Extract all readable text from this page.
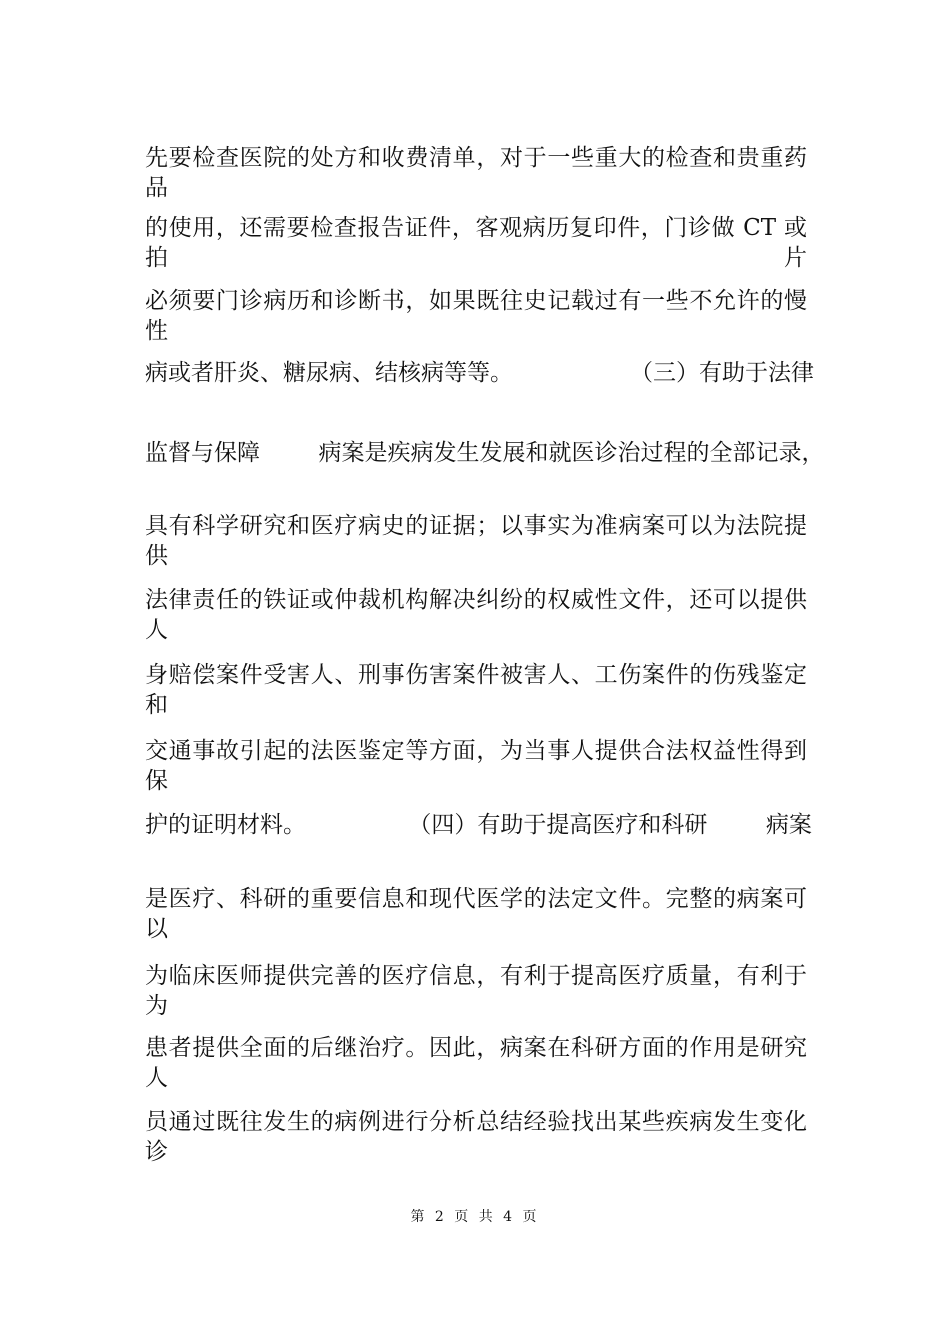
先要检查医院的处方和收费清单，对于一些重大的检查和贵重药品
的使用，还需要检查报告证件，客观病历复印件，门诊做 CT 或拍片
必须要门诊病历和诊断书，如果既往史记载过有一些不允许的慢性
病或者肝炎、糖尿病、结核病等等。                （三）有助于法律
监督与保障        病案是疾病发生发展和就医诊治过程的全部记录，
具有科学研究和医疗病史的证据；以事实为准病案可以为法院提供
法律责任的铁证或仲裁机构解决纠纷的权威性文件，还可以提供人
身赔偿案件受害人、刑事伤害案件被害人、工伤案件的伤残鉴定和
交通事故引起的法医鉴定等方面，为当事人提供合法权益性得到保
护的证明材料。              （四）有助于提高医疗和科研        病案
是医疗、科研的重要信息和现代医学的法定文件。完整的病案可以
为临床医师提供完善的医疗信息，有利于提高医疗质量，有利于为
患者提供全面的后继治疗。因此，病案在科研方面的作用是研究人
员通过既往发生的病例进行分析总结经验找出某些疾病发生变化诊
第 2 页 共 4 页
